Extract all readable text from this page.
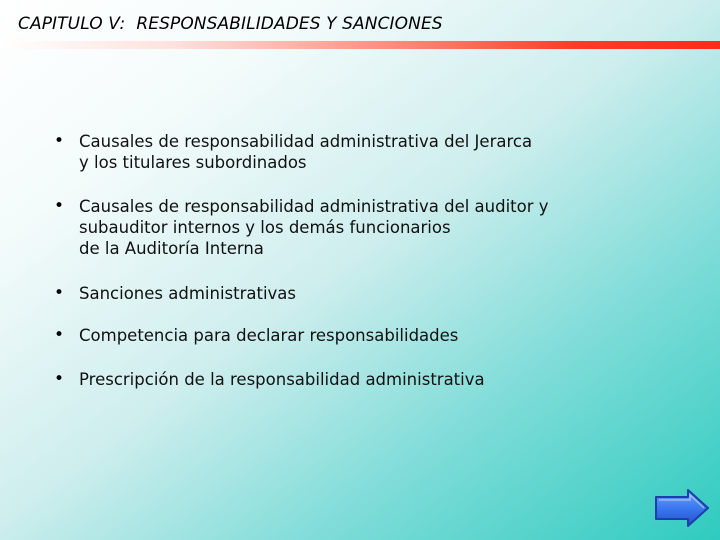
CAPITULO V:  RESPONSABILIDADES Y SANCIONES
• Causales de responsabilidad administrativa del Jerarca
y los titulares subordinados
• Causales de responsabilidad administrativa del auditor y
subauditor internos y los demás funcionarios
de la Auditoría Interna
• Sanciones administrativas
• Competencia para declarar responsabilidades
• Prescripción de la responsabilidad administrativa
